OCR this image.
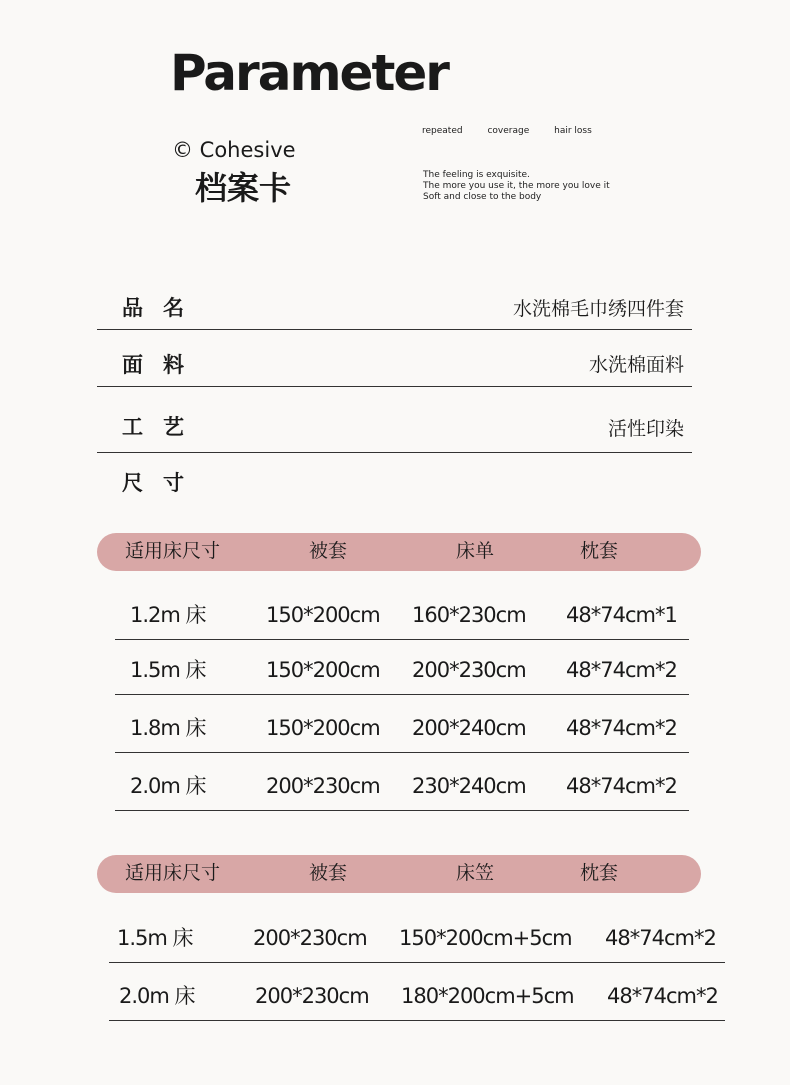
Parameter
© Cohesive
档案卡
repeated	coverage	hair loss
The feeling is exquisite.
The more you use it, the more you love it
Soft and close to the body
品名	水洗棉毛巾绣四件套
面料	水洗棉面料
工艺	活性印染
尺寸
适用床尺寸	被套	床单	枕套
1.2m 床	150*200cm 160*230cm 48*74cm*1
1.5m 床	150*200cm 200*230cm 48*74cm*2
1.8m 床	150*200cm 200*240cm 48*74cm*2
2.0m 床	200*230cm 230*240cm 48*74cm*2
适用床尺寸	被套	床笠	枕套
1.5m 床	200*230cm 150*200cm+5cm 48*74cm*2
2.0m 床	200*230cm 180*200cm+5cm 48*74cm*2
